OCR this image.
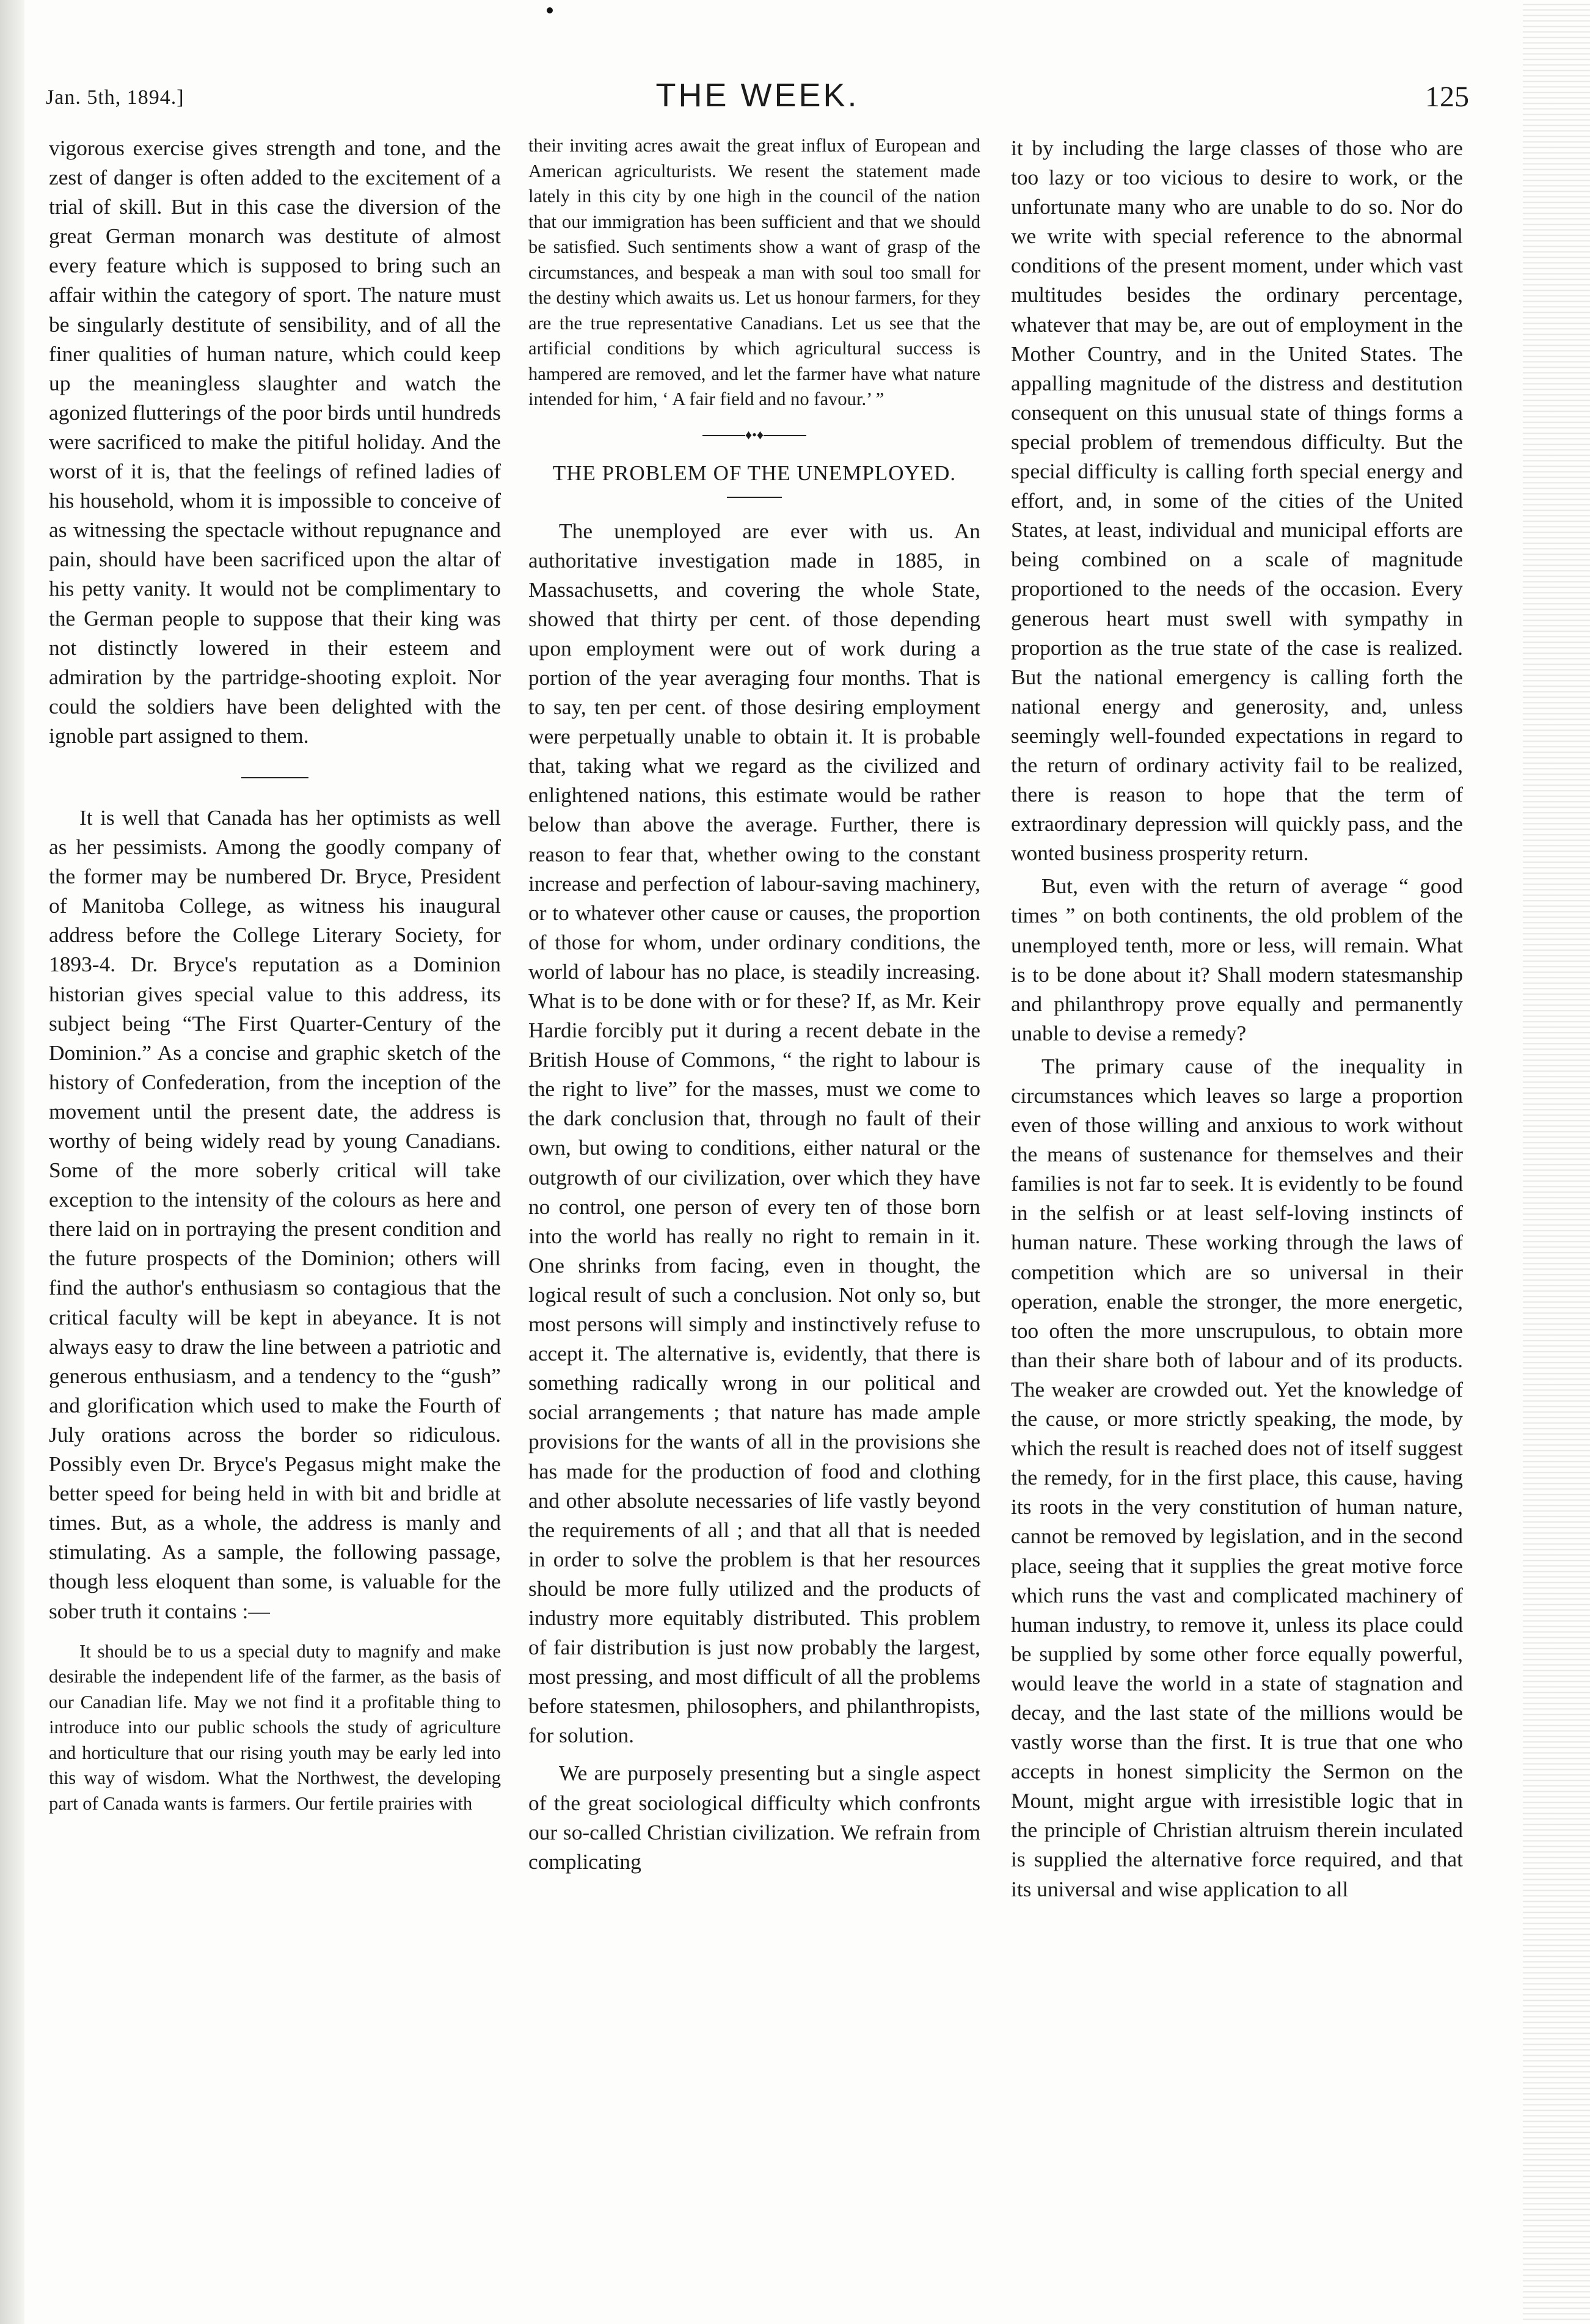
Jan. 5th, 1894.]	THE WEEK.	125

vigorous exercise gives strength and tone, and the zest of danger is often added to the excitement of a trial of skill. But in this case the diversion of the great German monarch was destitute of almost every feature which is supposed to bring such an affair within the category of sport. The nature must be singularly destitute of sensibility, and of all the finer qualities of human nature, which could keep up the meaningless slaughter and watch the agonized flutterings of the poor birds until hundreds were sacrificed to make the pitiful holiday. And the worst of it is, that the feelings of refined ladies of his household, whom it is impossible to conceive of as witnessing the spectacle without repugnance and pain, should have been sacrificed upon the altar of his petty vanity. It would not be complimentary to the German people to suppose that their king was not distinctly lowered in their esteem and admiration by the partridge-shooting exploit. Nor could the soldiers have been delighted with the ignoble part assigned to them.

It is well that Canada has her optimists as well as her pessimists. Among the goodly company of the former may be numbered Dr. Bryce, President of Manitoba College, as witness his inaugural address before the College Literary Society, for 1893-4. Dr. Bryce's reputation as a Dominion historian gives special value to this address, its subject being “The First Quarter-Century of the Dominion.” As a concise and graphic sketch of the history of Confederation, from the inception of the movement until the present date, the address is worthy of being widely read by young Canadians. Some of the more soberly critical will take exception to the intensity of the colours as here and there laid on in portraying the present condition and the future prospects of the Dominion; others will find the author's enthusiasm so contagious that the critical faculty will be kept in abeyance. It is not always easy to draw the line between a patriotic and generous enthusiasm, and a tendency to the “gush” and glorification which used to make the Fourth of July orations across the border so ridiculous. Possibly even Dr. Bryce's Pegasus might make the better speed for being held in with bit and bridle at times. But, as a whole, the address is manly and stimulating. As a sample, the following passage, though less eloquent than some, is valuable for the sober truth it contains :—

It should be to us a special duty to magnify and make desirable the independent life of the farmer, as the basis of our Canadian life. May we not find it a profitable thing to introduce into our public schools the study of agriculture and horticulture that our rising youth may be early led into this way of wisdom. What the Northwest, the developing part of Canada wants is farmers. Our fertile prairies with

their inviting acres await the great influx of European and American agriculturists. We resent the statement made lately in this city by one high in the council of the nation that our immigration has been sufficient and that we should be satisfied. Such sentiments show a want of grasp of the circumstances, and bespeak a man with soul too small for the destiny which awaits us. Let us honour farmers, for they are the true representative Canadians. Let us see that the artificial conditions by which agricultural success is hampered are removed, and let the farmer have what nature intended for him, ‘ A fair field and no favour.’ ”

♦•♦
THE PROBLEM OF THE UNEMPLOYED.

The unemployed are ever with us. An authoritative investigation made in 1885, in Massachusetts, and covering the whole State, showed that thirty per cent. of those depending upon employment were out of work during a portion of the year averaging four months. That is to say, ten per cent. of those desiring employment were perpetually unable to obtain it. It is probable that, taking what we regard as the civilized and enlightened nations, this estimate would be rather below than above the average. Further, there is reason to fear that, whether owing to the constant increase and perfection of labour-saving machinery, or to whatever other cause or causes, the proportion of those for whom, under ordinary conditions, the world of labour has no place, is steadily increasing. What is to be done with or for these? If, as Mr. Keir Hardie forcibly put it during a recent debate in the British House of Commons, “ the right to labour is the right to live” for the masses, must we come to the dark conclusion that, through no fault of their own, but owing to conditions, either natural or the outgrowth of our civilization, over which they have no control, one person of every ten of those born into the world has really no right to remain in it. One shrinks from facing, even in thought, the logical result of such a conclusion. Not only so, but most persons will simply and instinctively refuse to accept it. The alternative is, evidently, that there is something radically wrong in our political and social arrangements ; that nature has made ample provisions for the wants of all in the provisions she has made for the production of food and clothing and other absolute necessaries of life vastly beyond the requirements of all ; and that all that is needed in order to solve the problem is that her resources should be more fully utilized and the products of industry more equitably distributed. This problem of fair distribution is just now probably the largest, most pressing, and most difficult of all the problems before statesmen, philosophers, and philanthropists, for solution.

We are purposely presenting but a single aspect of the great sociological difficulty which confronts our so-called Christian civilization. We refrain from complicating

it by including the large classes of those who are too lazy or too vicious to desire to work, or the unfortunate many who are unable to do so. Nor do we write with special reference to the abnormal conditions of the present moment, under which vast multitudes besides the ordinary percentage, whatever that may be, are out of employment in the Mother Country, and in the United States. The appalling magnitude of the distress and destitution consequent on this unusual state of things forms a special problem of tremendous difficulty. But the special difficulty is calling forth special energy and effort, and, in some of the cities of the United States, at least, individual and municipal efforts are being combined on a scale of magnitude proportioned to the needs of the occasion. Every generous heart must swell with sympathy in proportion as the true state of the case is realized. But the national emergency is calling forth the national energy and generosity, and, unless seemingly well-founded expectations in regard to the return of ordinary activity fail to be realized, there is reason to hope that the term of extraordinary depression will quickly pass, and the wonted business prosperity return.

But, even with the return of average “ good times ” on both continents, the old problem of the unemployed tenth, more or less, will remain. What is to be done about it? Shall modern statesmanship and philanthropy prove equally and permanently unable to devise a remedy?

The primary cause of the inequality in circumstances which leaves so large a proportion even of those willing and anxious to work without the means of sustenance for themselves and their families is not far to seek. It is evidently to be found in the selfish or at least self-loving instincts of human nature. These working through the laws of competition which are so universal in their operation, enable the stronger, the more energetic, too often the more unscrupulous, to obtain more than their share both of labour and of its products. The weaker are crowded out. Yet the knowledge of the cause, or more strictly speaking, the mode, by which the result is reached does not of itself suggest the remedy, for in the first place, this cause, having its roots in the very constitution of human nature, cannot be removed by legislation, and in the second place, seeing that it supplies the great motive force which runs the vast and complicated machinery of human industry, to remove it, unless its place could be supplied by some other force equally powerful, would leave the world in a state of stagnation and decay, and the last state of the millions would be vastly worse than the first. It is true that one who accepts in honest simplicity the Sermon on the Mount, might argue with irresistible logic that in the principle of Christian altruism therein inculated is supplied the alternative force required, and that its universal and wise application to all
